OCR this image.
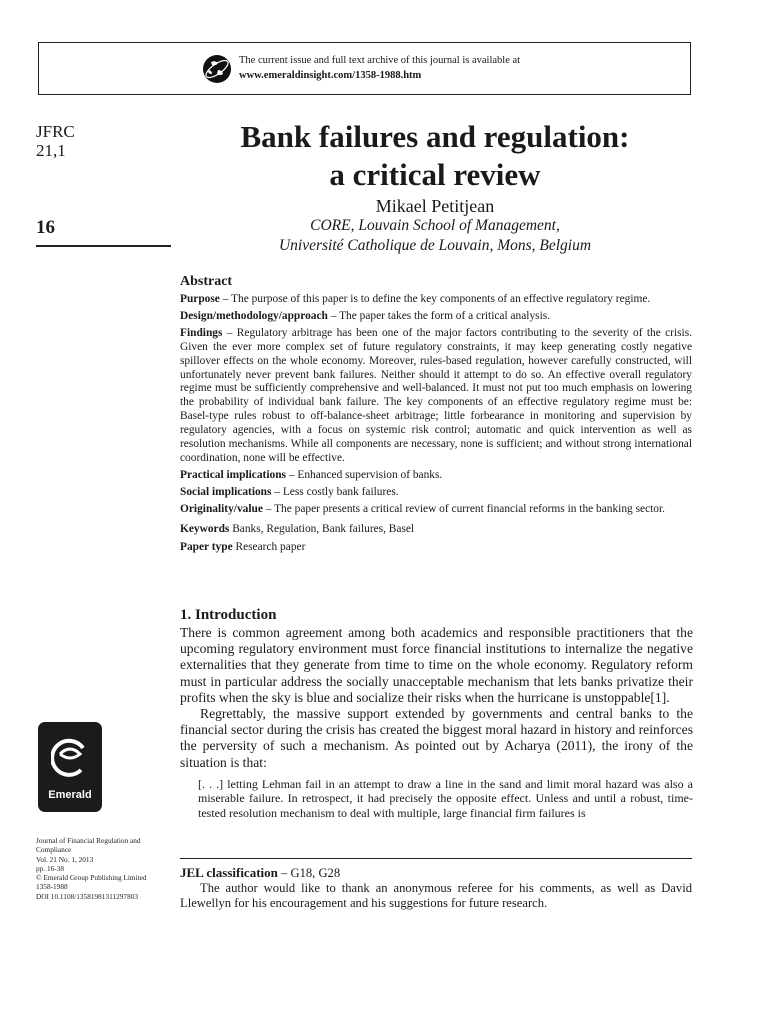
The current issue and full text archive of this journal is available at
www.emeraldinsight.com/1358-1988.htm
JFRC
21,1
16
Bank failures and regulation:
a critical review
Mikael Petitjean
CORE, Louvain School of Management,
Université Catholique de Louvain, Mons, Belgium
Abstract

Purpose – The purpose of this paper is to define the key components of an effective regulatory regime.

Design/methodology/approach – The paper takes the form of a critical analysis.

Findings – Regulatory arbitrage has been one of the major factors contributing to the severity of the crisis. Given the ever more complex set of future regulatory constraints, it may keep generating costly negative spillover effects on the whole economy. Moreover, rules-based regulation, however carefully constructed, will unfortunately never prevent bank failures. Neither should it attempt to do so. An effective overall regulatory regime must be sufficiently comprehensive and well-balanced. It must not put too much emphasis on lowering the probability of individual bank failure. The key components of an effective regulatory regime must be: Basel-type rules robust to off-balance-sheet arbitrage; little forbearance in monitoring and supervision by regulatory agencies, with a focus on systemic risk control; automatic and quick intervention as well as resolution mechanisms. While all components are necessary, none is sufficient; and without strong international coordination, none will be effective.

Practical implications – Enhanced supervision of banks.

Social implications – Less costly bank failures.

Originality/value – The paper presents a critical review of current financial reforms in the banking sector.

Keywords Banks, Regulation, Bank failures, Basel

Paper type Research paper

1. Introduction

There is common agreement among both academics and responsible practitioners that the upcoming regulatory environment must force financial institutions to internalize the negative externalities that they generate from time to time on the whole economy. Regulatory reform must in particular address the socially unacceptable mechanism that lets banks privatize their profits when the sky is blue and socialize their risks when the hurricane is unstoppable[1].

Regrettably, the massive support extended by governments and central banks to the financial sector during the crisis has created the biggest moral hazard in history and reinforces the perversity of such a mechanism. As pointed out by Acharya (2011), the irony of the situation is that:

[. . .] letting Lehman fail in an attempt to draw a line in the sand and limit moral hazard was also a miserable failure. In retrospect, it had precisely the opposite effect. Unless and until a robust, time-tested resolution mechanism to deal with multiple, large financial firm failures is
Emerald
Journal of Financial Regulation and
Compliance
Vol. 21 No. 1, 2013
pp. 16-38
© Emerald Group Publishing Limited
1358-1988
DOI 10.1108/13581981311297803
JEL classification – G18, G28

The author would like to thank an anonymous referee for his comments, as well as David Llewellyn for his encouragement and his suggestions for future research.
